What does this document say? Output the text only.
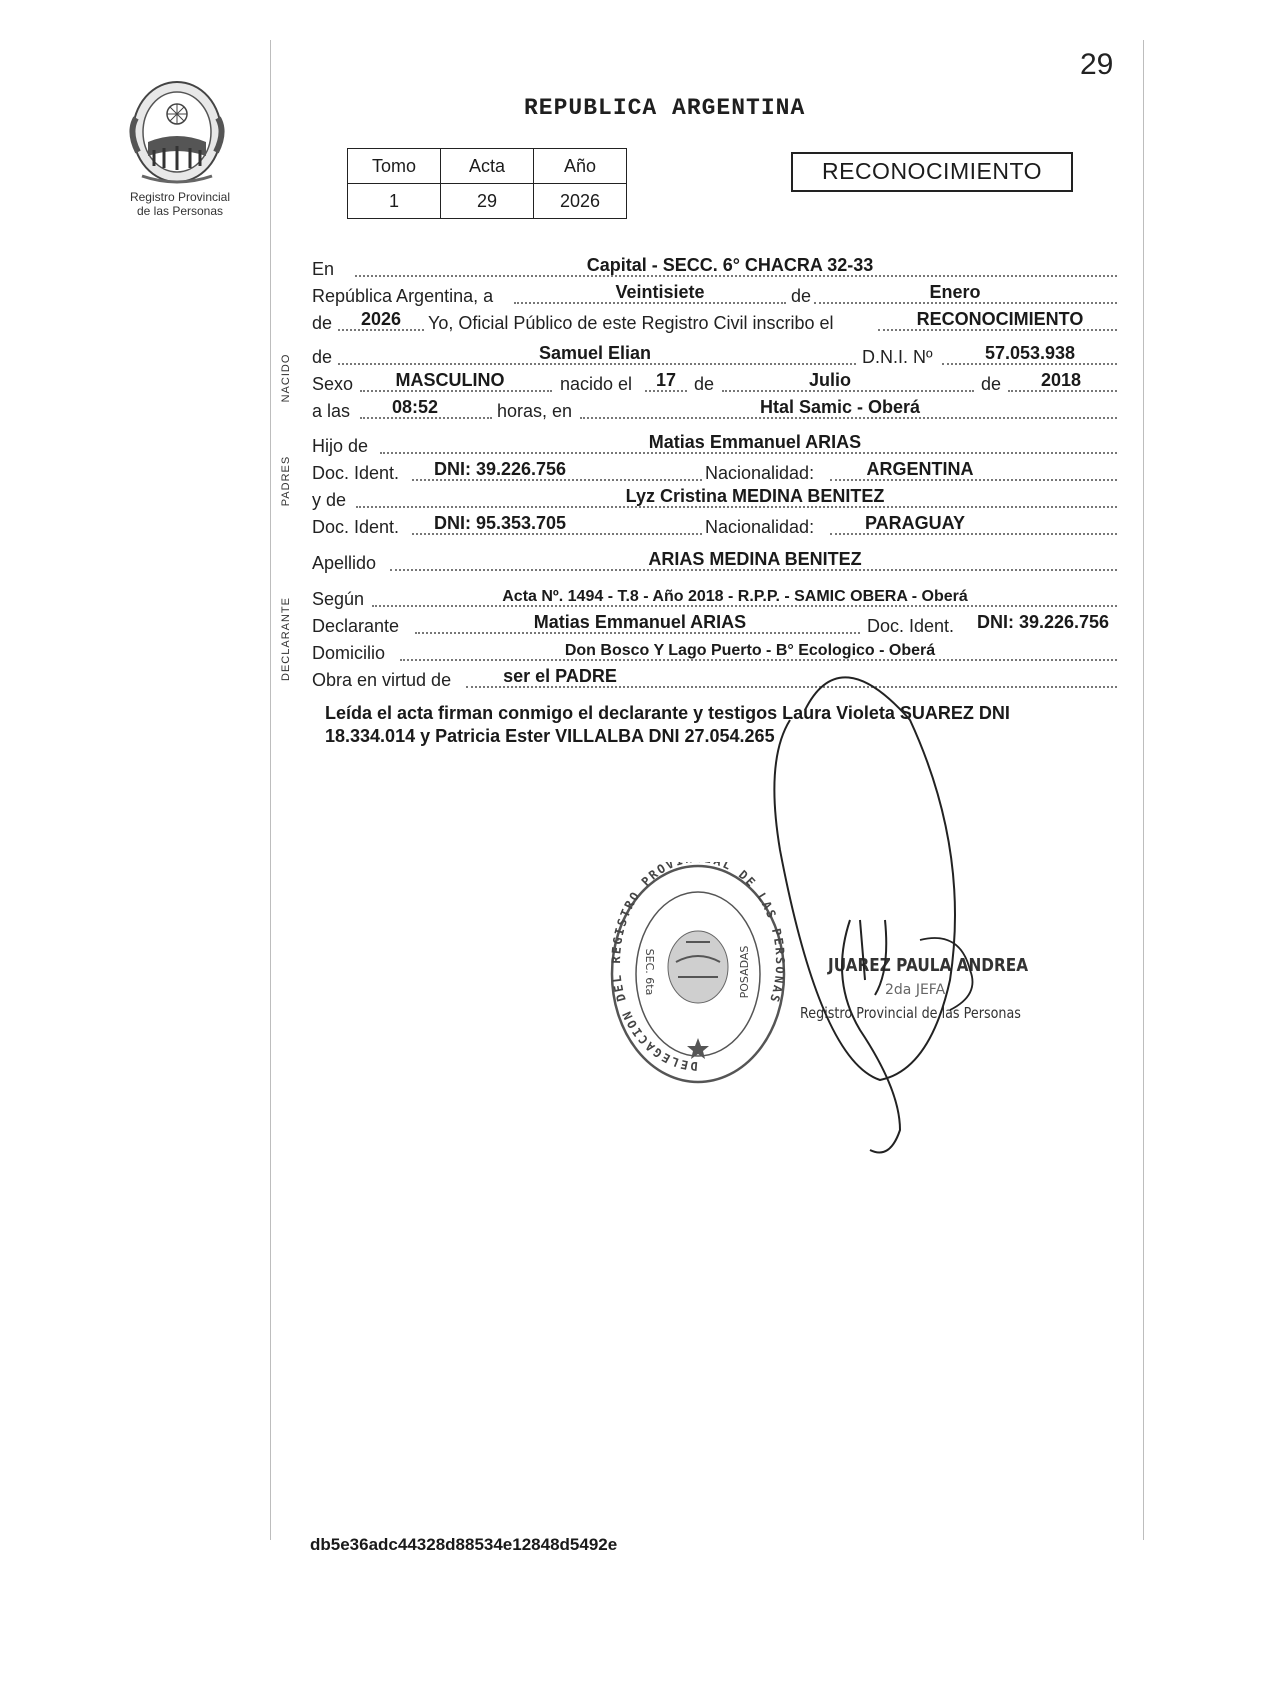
Registro Provincial
de las Personas
29
REPUBLICA ARGENTINA
Tomo	Acta	Año
1	29	2026
RECONOCIMIENTO
NACIDO
PADRES
DECLARANTE
En	Capital - SECC. 6° CHACRA 32-33
República Argentina, a	Veintisiete	de	Enero
de	2026	Yo, Oficial Público de este Registro Civil inscribo el	RECONOCIMIENTO
de	Samuel Elian	D.N.I. Nº	57.053.938
Sexo	MASCULINO	nacido el	17 de	Julio	de	2018
a las	08:52	horas, en	Htal Samic - Oberá
Hijo de	Matias Emmanuel ARIAS
Doc. Ident.	DNI: 39.226.756	Nacionalidad:	ARGENTINA
y de	Lyz Cristina MEDINA BENITEZ
Doc. Ident.	DNI: 95.353.705	Nacionalidad:	PARAGUAY
Apellido	ARIAS MEDINA BENITEZ
Según	Acta Nº. 1494 - T.8 - Año 2018 - R.P.P. - SAMIC OBERA - Oberá
Declarante	Matias Emmanuel ARIAS	Doc. Ident.	DNI: 39.226.756
Domicilio	Don Bosco Y Lago Puerto - B° Ecologico - Oberá
Obra en virtud de	ser el PADRE
Leída el acta firman conmigo el declarante y testigos Laura Violeta SUAREZ DNI
18.334.014 y Patricia Ester VILLALBA DNI 27.054.265
DELEGACION DEL REGISTRO PROV L DE LAS PERSONAS
SEC. 6ta	POSADAS	JUAREZ PAULA ANDREA
2da JEFA
Registro Provincial de las Personas
db5e36adc44328d88534e12848d5492e
